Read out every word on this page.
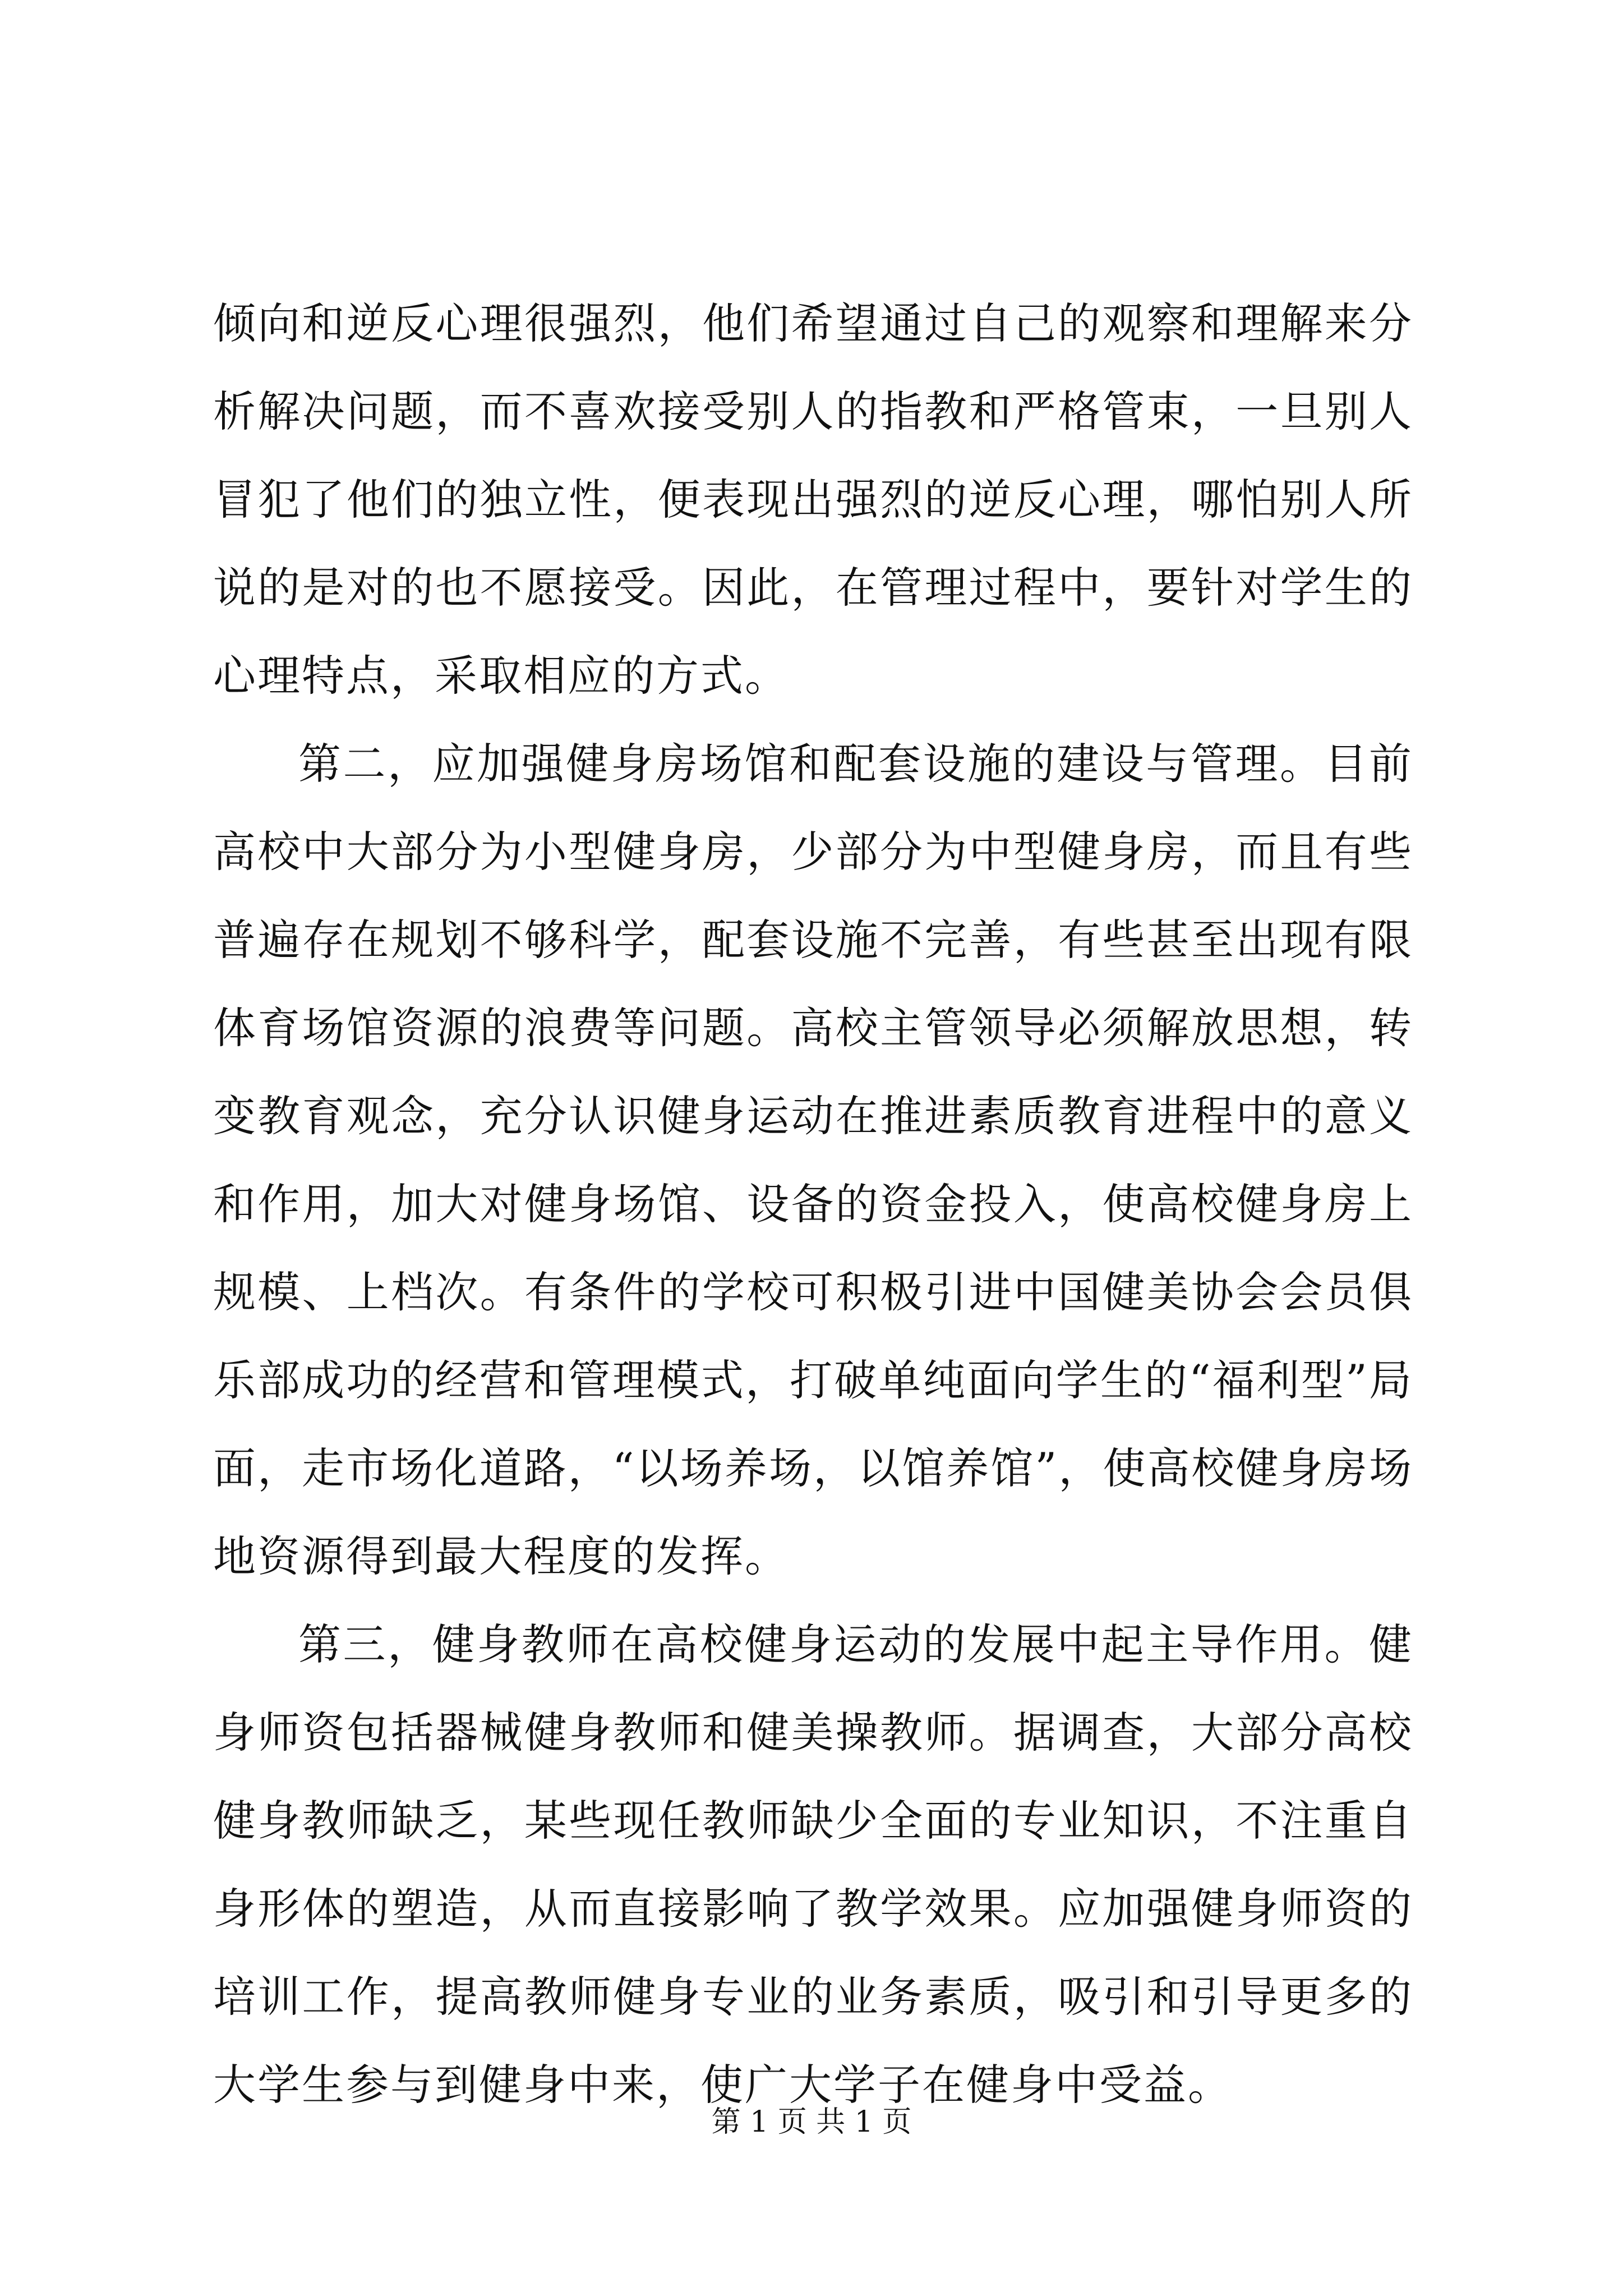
倾向和逆反心理很强烈，他们希望通过自己的观察和理解来分析解决问题，而不喜欢接受别人的指教和严格管束，一旦别人冒犯了他们的独立性，便表现出强烈的逆反心理，哪怕别人所说的是对的也不愿接受。因此，在管理过程中，要针对学生的心理特点，采取相应的方式。

第二，应加强健身房场馆和配套设施的建设与管理。目前高校中大部分为小型健身房，少部分为中型健身房，而且有些普遍存在规划不够科学，配套设施不完善，有些甚至出现有限体育场馆资源的浪费等问题。高校主管领导必须解放思想，转变教育观念，充分认识健身运动在推进素质教育进程中的意义和作用，加大对健身场馆、设备的资金投入，使高校健身房上规模、上档次。有条件的学校可积极引进中国健美协会会员俱乐部成功的经营和管理模式，打破单纯面向学生的“福利型”局面，走市场化道路，“以场养场，以馆养馆”，使高校健身房场地资源得到最大程度的发挥。

第三，健身教师在高校健身运动的发展中起主导作用。健身师资包括器械健身教师和健美操教师。据调查，大部分高校健身教师缺乏，某些现任教师缺少全面的专业知识，不注重自身形体的塑造，从而直接影响了教学效果。应加强健身师资的培训工作，提高教师健身专业的业务素质，吸引和引导更多的大学生参与到健身中来，使广大学子在健身中受益。

第 1 页 共 1 页
